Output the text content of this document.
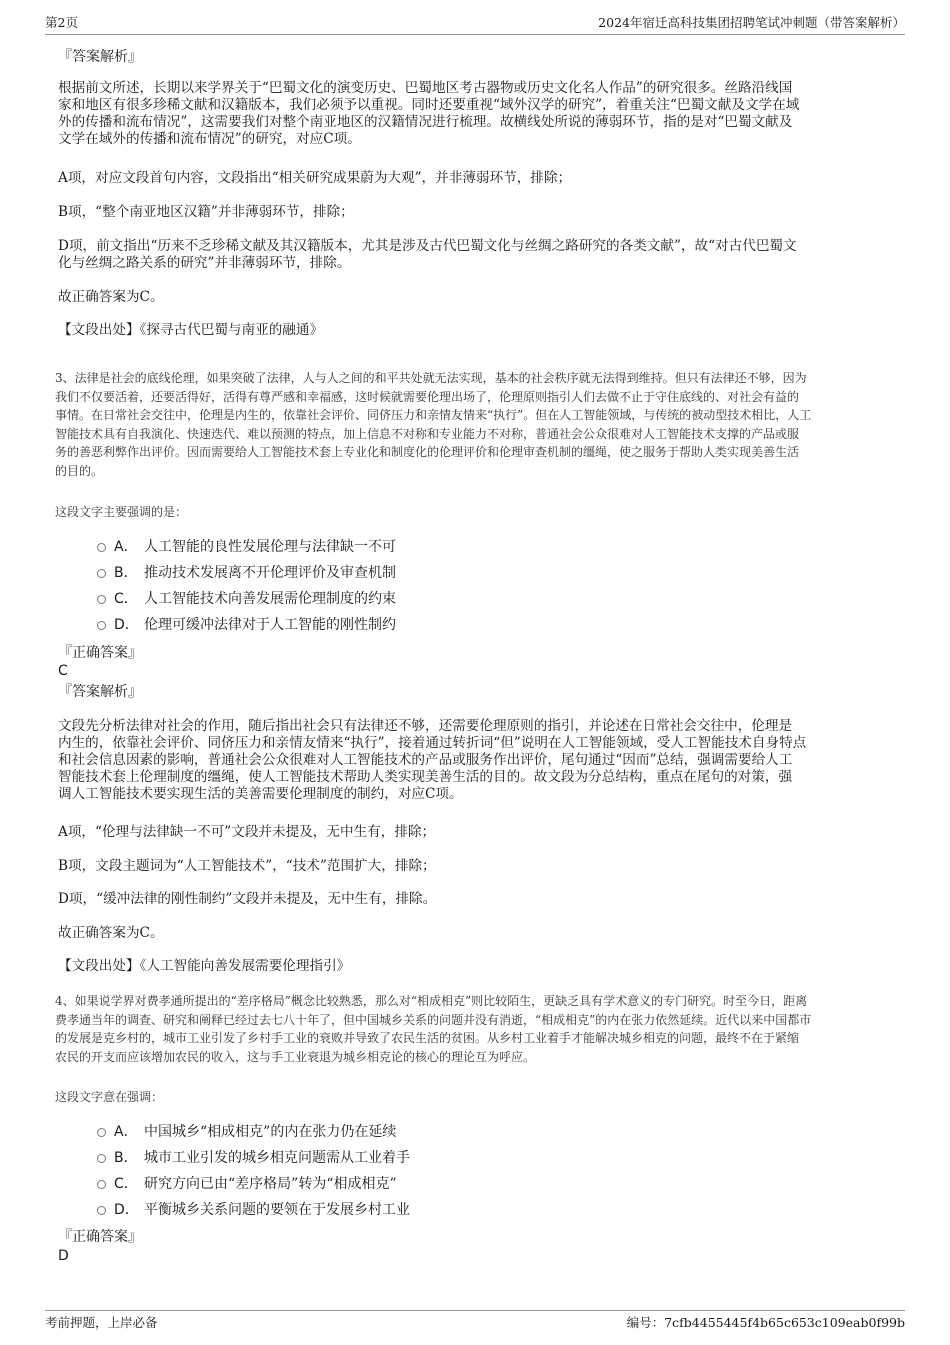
第2页	2024年宿迁高科技集团招聘笔试冲刺题（带答案解析）
『答案解析』
根据前文所述，长期以来学界关于“巴蜀文化的演变历史、巴蜀地区考古器物或历史文化名人作品”的研究很多。丝路沿线国
家和地区有很多珍稀文献和汉籍版本，我们必须予以重视。同时还要重视“域外汉学的研究”，着重关注“巴蜀文献及文学在域
外的传播和流布情况”，这需要我们对整个南亚地区的汉籍情况进行梳理。故横线处所说的薄弱环节，指的是对“巴蜀文献及
文学在域外的传播和流布情况”的研究，对应C项。
A项，对应文段首句内容，文段指出“相关研究成果蔚为大观”，并非薄弱环节，排除；
B项，“整个南亚地区汉籍”并非薄弱环节，排除；
D项，前文指出“历来不乏珍稀文献及其汉籍版本，尤其是涉及古代巴蜀文化与丝绸之路研究的各类文献”，故“对古代巴蜀文
化与丝绸之路关系的研究”并非薄弱环节，排除。
故正确答案为C。
【文段出处】《探寻古代巴蜀与南亚的融通》
3、法律是社会的底线伦理，如果突破了法律，人与人之间的和平共处就无法实现，基本的社会秩序就无法得到维持。但只有法律还不够，因为
我们不仅要活着，还要活得好，活得有尊严感和幸福感，这时候就需要伦理出场了，伦理原则指引人们去做不止于守住底线的、对社会有益的
事情。在日常社会交往中，伦理是内生的，依靠社会评价、同侪压力和亲情友情来“执行”。但在人工智能领域，与传统的被动型技术相比，人工
智能技术具有自我演化、快速迭代、难以预测的特点，加上信息不对称和专业能力不对称，普通社会公众很难对人工智能技术支撑的产品或服
务的善恶利弊作出评价。因而需要给人工智能技术套上专业化和制度化的伦理评价和伦理审查机制的缰绳，使之服务于帮助人类实现美善生活
的目的。
这段文字主要强调的是：
A． 人工智能的良性发展伦理与法律缺一不可
B． 推动技术发展离不开伦理评价及审查机制
C． 人工智能技术向善发展需伦理制度的约束
D． 伦理可缓冲法律对于人工智能的刚性制约
『正确答案』
C
『答案解析』
文段先分析法律对社会的作用，随后指出社会只有法律还不够，还需要伦理原则的指引，并论述在日常社会交往中，伦理是
内生的，依靠社会评价、同侪压力和亲情友情来“执行”，接着通过转折词“但”说明在人工智能领域，受人工智能技术自身特点
和社会信息因素的影响，普通社会公众很难对人工智能技术的产品或服务作出评价，尾句通过“因而”总结，强调需要给人工
智能技术套上伦理制度的缰绳，使人工智能技术帮助人类实现美善生活的目的。故文段为分总结构，重点在尾句的对策，强
调人工智能技术要实现生活的美善需要伦理制度的制约，对应C项。
A项，“伦理与法律缺一不可”文段并未提及，无中生有，排除；
B项，文段主题词为“人工智能技术”，“技术”范围扩大，排除；
D项，“缓冲法律的刚性制约”文段并未提及，无中生有，排除。
故正确答案为C。
【文段出处】《人工智能向善发展需要伦理指引》
4、如果说学界对费孝通所提出的“差序格局”概念比较熟悉，那么对“相成相克”则比较陌生，更缺乏具有学术意义的专门研究。时至今日，距离
费孝通当年的调查、研究和阐释已经过去七八十年了，但中国城乡关系的问题并没有消逝，“相成相克”的内在张力依然延续。近代以来中国都市
的发展是克乡村的，城市工业引发了乡村手工业的衰败并导致了农民生活的贫困。从乡村工业着手才能解决城乡相克的问题，最终不在于紧缩
农民的开支而应该增加农民的收入，这与手工业衰退为城乡相克论的核心的理论互为呼应。
这段文字意在强调：
A． 中国城乡“相成相克”的内在张力仍在延续
B． 城市工业引发的城乡相克问题需从工业着手
C． 研究方向已由“差序格局”转为“相成相克”
D． 平衡城乡关系问题的要领在于发展乡村工业
『正确答案』
D
考前押题，上岸必备	编号：7cfb4455445f4b65c653c109eab0f99b
